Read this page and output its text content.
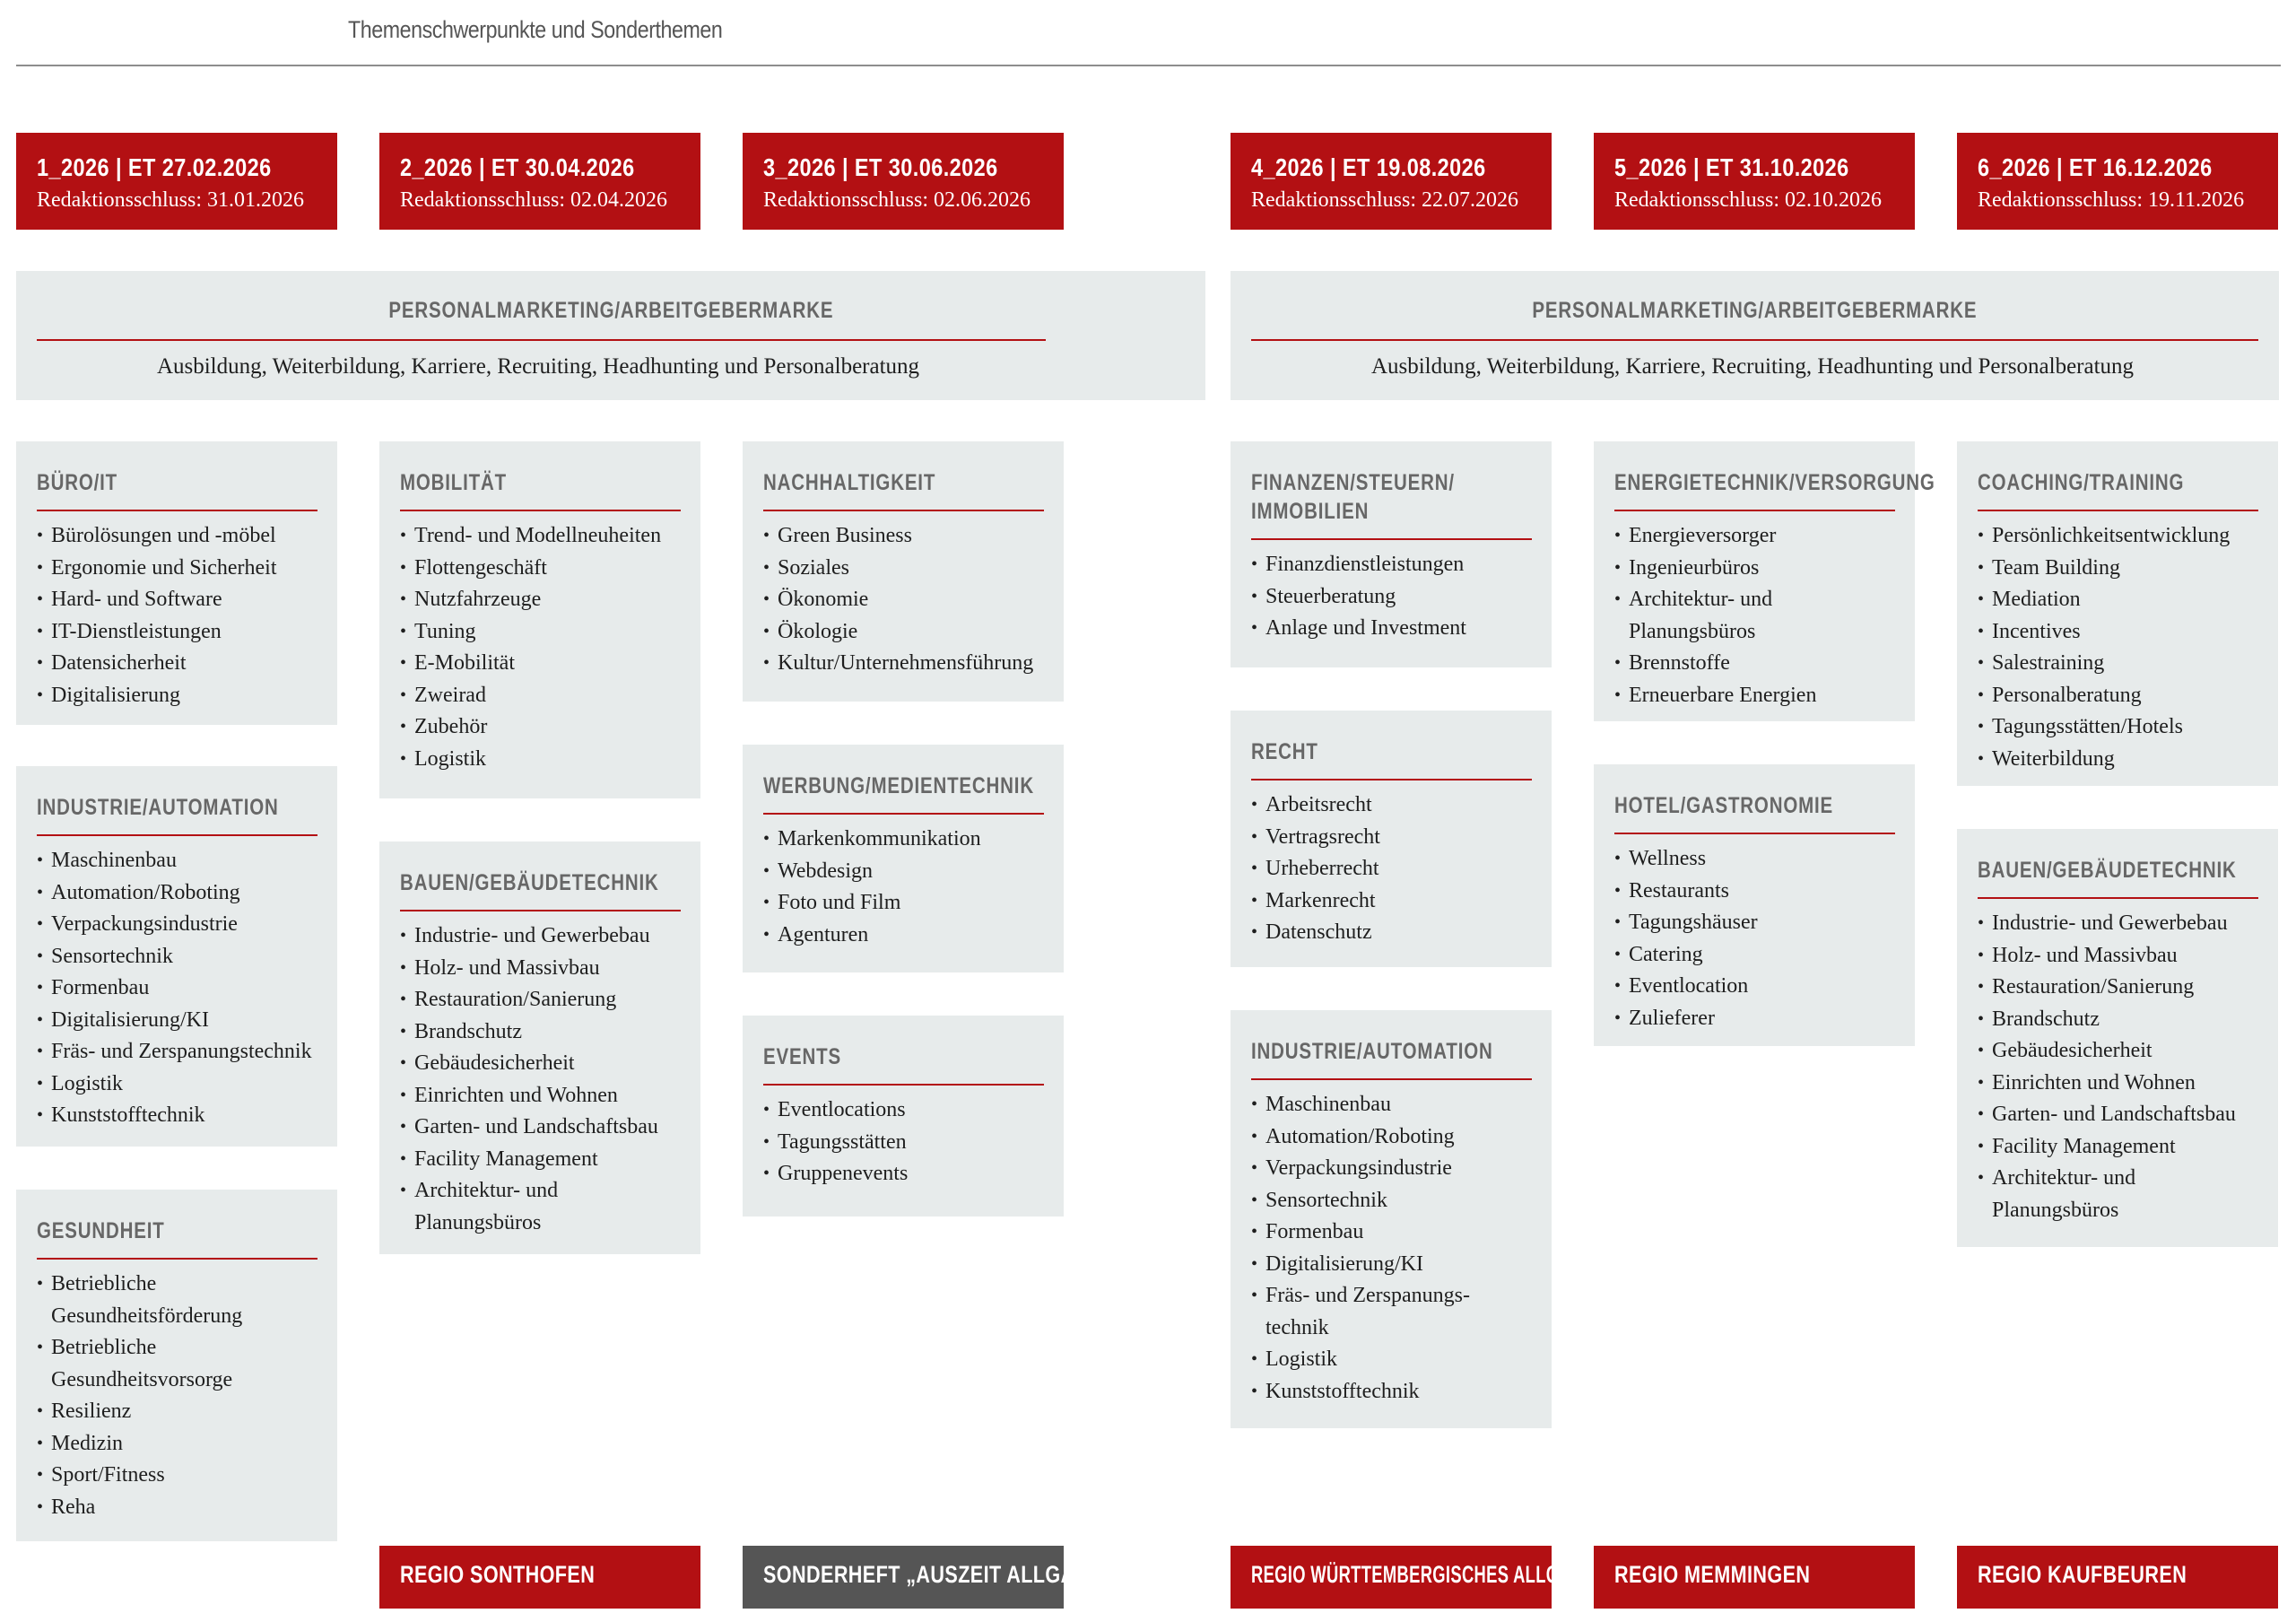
Themenschwerpunkte und Sonderthemen
1_2026 | ET 27.02.2026
Redaktionsschluss: 31.01.2026
2_2026 | ET 30.04.2026
Redaktionsschluss: 02.04.2026
3_2026 | ET 30.06.2026
Redaktionsschluss: 02.06.2026
4_2026 | ET 19.08.2026
Redaktionsschluss: 22.07.2026
5_2026 | ET 31.10.2026
Redaktionsschluss: 02.10.2026
6_2026 | ET 16.12.2026
Redaktionsschluss: 19.11.2026
PERSONALMARKETING/ARBEITGEBERMARKE
Ausbildung, Weiterbildung, Karriere, Recruiting, Headhunting und Personalberatung
PERSONALMARKETING/ARBEITGEBERMARKE
Ausbildung, Weiterbildung, Karriere, Recruiting, Headhunting und Personalberatung
BÜRO/IT
• Bürolösungen und -möbel
• Ergonomie und Sicherheit
• Hard- und Software
• IT-Dienstleistungen
• Datensicherheit
• Digitalisierung
INDUSTRIE/AUTOMATION
• Maschinenbau
• Automation/Roboting
• Verpackungsindustrie
• Sensortechnik
• Formenbau
• Digitalisierung/KI
• Fräs- und Zerspanungstechnik
• Logistik
• Kunststofftechnik
GESUNDHEIT
• Betriebliche Gesundheitsförderung
• Betriebliche Gesundheitsvorsorge
• Resilienz
• Medizin
• Sport/Fitness
• Reha
MOBILITÄT
• Trend- und Modellneuheiten
• Flottengeschäft
• Nutzfahrzeuge
• Tuning
• E-Mobilität
• Zweirad
• Zubehör
• Logistik
BAUEN/GEBÄUDETECHNIK
• Industrie- und Gewerbebau
• Holz- und Massivbau
• Restauration/Sanierung
• Brandschutz
• Gebäudesicherheit
• Einrichten und Wohnen
• Garten- und Landschaftsbau
• Facility Management
• Architektur- und Planungsbüros
NACHHALTIGKEIT
• Green Business
• Soziales
• Ökonomie
• Ökologie
• Kultur/Unternehmensführung
WERBUNG/MEDIENTECHNIK
• Markenkommunikation
• Webdesign
• Foto und Film
• Agenturen
EVENTS
• Eventlocations
• Tagungsstätten
• Gruppenevents
FINANZEN/STEUERN/ IMMOBILIEN
• Finanzdienstleistungen
• Steuerberatung
• Anlage und Investment
RECHT
• Arbeitsrecht
• Vertragsrecht
• Urheberrecht
• Markenrecht
• Datenschutz
INDUSTRIE/AUTOMATION
• Maschinenbau
• Automation/Roboting
• Verpackungsindustrie
• Sensortechnik
• Formenbau
• Digitalisierung/KI
• Fräs- und Zerspanungs- technik
• Logistik
• Kunststofftechnik
ENERGIETECHNIK/VERSORGUNG
• Energieversorger
• Ingenieurbüros
• Architektur- und Planungsbüros
• Brennstoffe
• Erneuerbare Energien
HOTEL/GASTRONOMIE
• Wellness
• Restaurants
• Tagungshäuser
• Catering
• Eventlocation
• Zulieferer
COACHING/TRAINING
• Persönlichkeitsentwicklung
• Team Building
• Mediation
• Incentives
• Salestraining
• Personalberatung
• Tagungsstätten/Hotels
• Weiterbildung
BAUEN/GEBÄUDETECHNIK
• Industrie- und Gewerbebau
• Holz- und Massivbau
• Restauration/Sanierung
• Brandschutz
• Gebäudesicherheit
• Einrichten und Wohnen
• Garten- und Landschaftsbau
• Facility Management
• Architektur- und Planungsbüros
REGIO SONTHOFEN	SONDERHEFT „AUSZEIT ALLGÄU“	REGIO WÜRTTEMBERGISCHES ALLGÄU	REGIO MEMMINGEN	REGIO KAUFBEUREN
